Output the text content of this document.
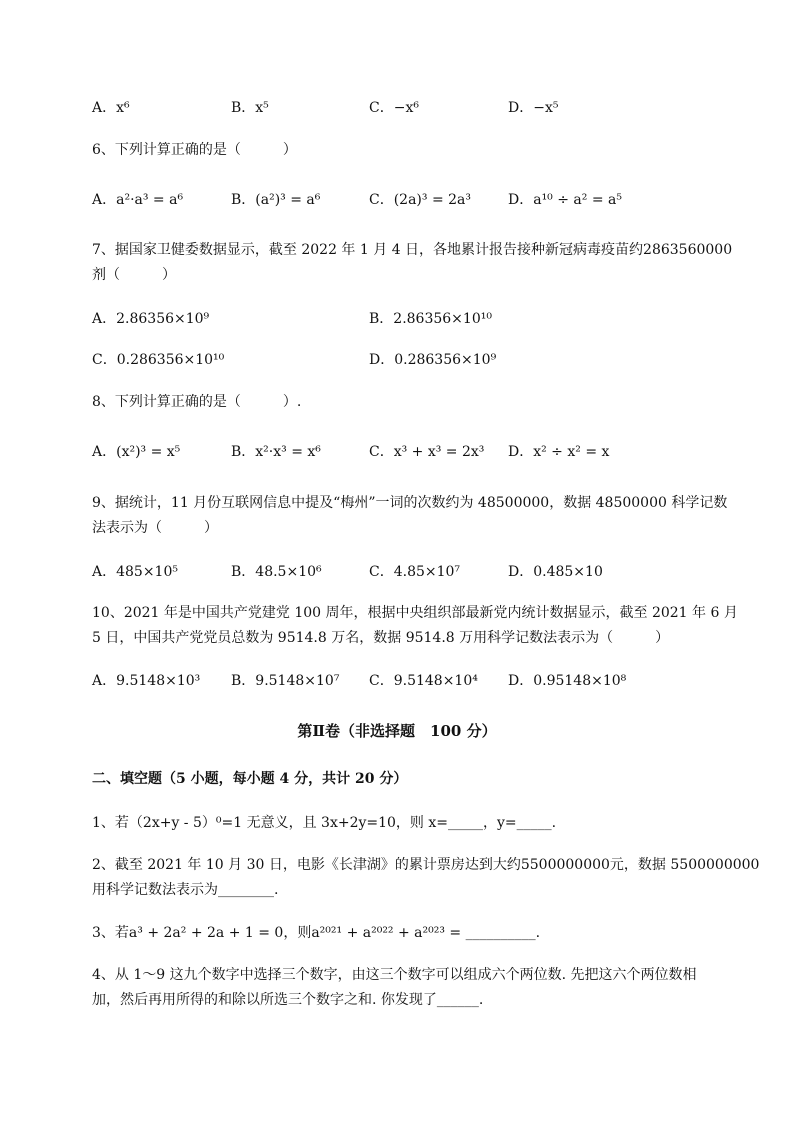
A．x⁶	B．x⁵	C．−x⁶	D．−x⁵
6、下列计算正确的是（　　　）
A．a²·a³ = a⁶	B．(a²)³ = a⁶	C．(2a)³ = 2a³	D．a¹⁰ ÷ a² = a⁵
7、据国家卫健委数据显示，截至 2022 年 1 月 4 日，各地累计报告接种新冠病毒疫苗约2863560000
剂（　　　）
A．2.86356×10⁹	B．2.86356×10¹⁰
C．0.286356×10¹⁰	D．0.286356×10⁹
8、下列计算正确的是（　　　）.
A．(x²)³ = x⁵	B．x²·x³ = x⁶	C．x³ + x³ = 2x³ D．x² ÷ x² = x
9、据统计，11 月份互联网信息中提及“梅州”一词的次数约为 48500000，数据 48500000 科学记数
法表示为（　　　）
A．485×10⁵	B．48.5×10⁶	C．4.85×10⁷	D．0.485×10
10、2021 年是中国共产党建党 100 周年，根据中央组织部最新党内统计数据显示，截至 2021 年 6 月
5 日，中国共产党党员总数为 9514.8 万名，数据 9514.8 万用科学记数法表示为（　　　）
A．9.5148×10³ B．9.5148×10⁷ C．9.5148×10⁴ D．0.95148×10⁸
第Ⅱ卷（非选择题　100 分）
二、填空题（5 小题，每小题 4 分，共计 20 分）
1、若（2x+y - 5）⁰=1 无意义，且 3x+2y=10，则 x=_____，y=_____.
2、截至 2021 年 10 月 30 日，电影《长津湖》的累计票房达到大约5500000000元，数据 5500000000
用科学记数法表示为________.
3、若a³ + 2a² + 2a + 1 = 0，则a²⁰²¹ + a²⁰²² + a²⁰²³ = __________.
4、从 1～9 这九个数字中选择三个数字，由这三个数字可以组成六个两位数. 先把这六个两位数相
加，然后再用所得的和除以所选三个数字之和. 你发现了______.
